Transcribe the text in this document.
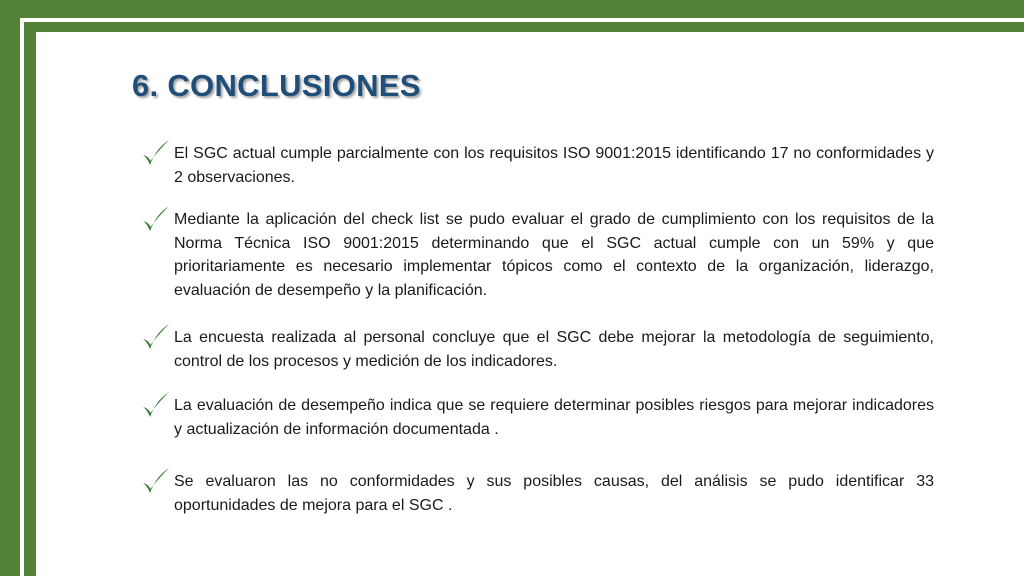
6. CONCLUSIONES

El SGC actual cumple parcialmente con los requisitos ISO 9001:2015 identificando 17 no conformidades y 2 observaciones.

Mediante la aplicación del check list se pudo evaluar el grado de cumplimiento con los requisitos de la Norma Técnica ISO 9001:2015 determinando que el SGC actual cumple con un 59% y que prioritariamente es necesario implementar tópicos como el contexto de la organización, liderazgo, evaluación de desempeño y la planificación.

La encuesta realizada al personal concluye que el SGC debe mejorar la metodología de seguimiento, control de los procesos y medición de los indicadores.

La evaluación de desempeño indica que se requiere determinar posibles riesgos para mejorar indicadores y actualización de información documentada .

Se evaluaron las no conformidades y sus posibles causas, del análisis se pudo identificar 33 oportunidades de mejora para el SGC .
